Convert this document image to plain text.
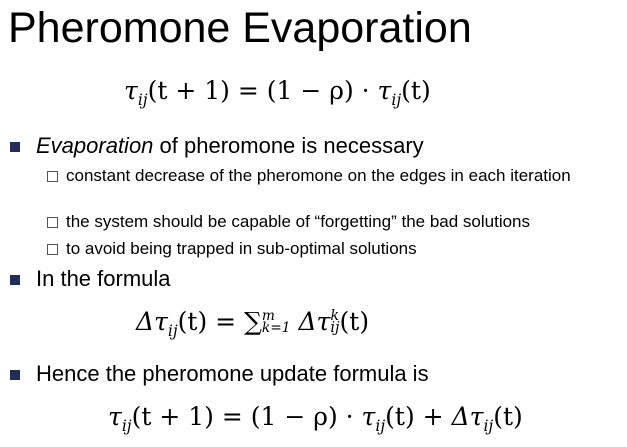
Pheromone Evaporation
$\tau_{ij}(t + 1) = (1 - \rho) \cdot \tau_{ij}(t)$
Evaporation of pheromone is necessary
constant decrease of the pheromone on the edges in each iteration
the system should be capable of “forgetting” the bad solutions
to avoid being trapped in sub-optimal solutions
In the formula
$\Delta\tau_{ij}(t)$ = ∑ m
k=1 Δτ k
ij (t)
Hence the pheromone update formula is
$\tau_{ij}(t + 1) = (1 - \rho) \cdot \tau_{ij}(t) + \Delta\tau_{ij}(t)$
